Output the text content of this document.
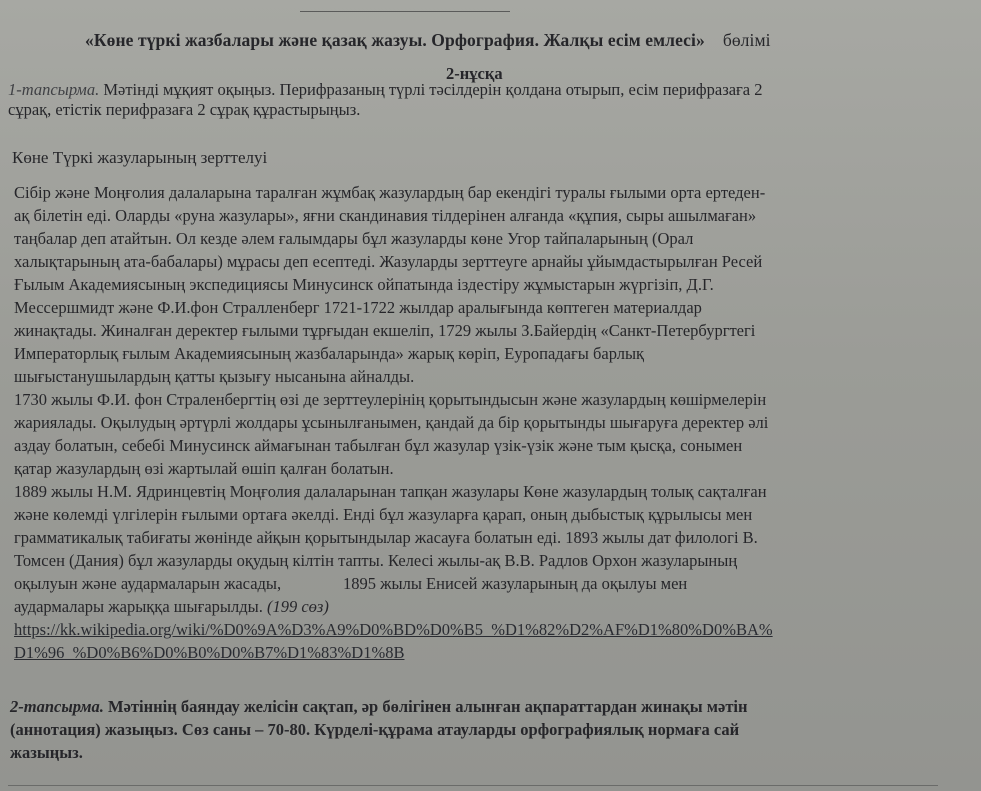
«Көне түркі жазбалары және қазақ жазуы. Орфография. Жалқы есім емлесі» бөлімі
2-нұсқа
1-тапсырма. Мәтінді мұқият оқыңыз. Перифразаның түрлі тәсілдерін қолдана отырып, есім перифразаға 2
сұрақ, етістік перифразаға 2 сұрақ құрастырыңыз.
Көне Түркі жазуларының зерттелуі
Сібір және Моңғолия далаларына таралған жұмбақ жазулардың бар екендігі туралы ғылыми орта ертеден-
ақ білетін еді. Оларды «руна жазулары», яғни скандинавия тілдерінен алғанда «құпия, сыры ашылмаған»
таңбалар деп атайтын. Ол кезде әлем ғалымдары бұл жазуларды көне Угор тайпаларының (Орал
халықтарының ата-бабалары) мұрасы деп есептеді. Жазуларды зерттеуге арнайы ұйымдастырылған Ресей
Ғылым Академиясының экспедициясы Минусинск ойпатында іздестіру жұмыстарын жүргізіп, Д.Г.
Мессершмидт және Ф.И.фон Стралленберг 1721-1722 жылдар аралығында көптеген материалдар
жинақтады. Жиналған деректер ғылыми тұрғыдан екшеліп, 1729 жылы З.Байердің «Санкт-Петербургтегі
Императорлық ғылым Академиясының жазбаларында» жарық көріп, Еуропадағы барлық
шығыстанушылардың қатты қызығу нысанына айналды.
1730 жылы Ф.И. фон Страленбергтің өзі де зерттеулерінің қорытындысын және жазулардың көшірмелерін
жариялады. Оқылудың әртүрлі жолдары ұсынылғанымен, қандай да бір қорытынды шығаруға деректер әлі
аздау болатын, себебі Минусинск аймағынан табылған бұл жазулар үзік-үзік және тым қысқа, сонымен
қатар жазулардың өзі жартылай өшіп қалған болатын.
1889 жылы Н.М. Ядринцевтің Моңғолия далаларынан тапқан жазулары Көне жазулардың толық сақталған
және көлемді үлгілерін ғылыми ортаға әкелді. Енді бұл жазуларға қарап, оның дыбыстық құрылысы мен
грамматикалық табиғаты жөнінде айқын қорытындылар жасауға болатын еді. 1893 жылы дат филологі В.
Томсен (Дания) бұл жазуларды оқудың кілтін тапты. Келесі жылы-ақ В.В. Радлов Орхон жазуларының
оқылуын және аудармаларын жасады,               1895 жылы Енисей жазуларының да оқылуы мен
аудармалары жарыққа шығарылды. (199 сөз)
https://kk.wikipedia.org/wiki/%D0%9A%D3%A9%D0%BD%D0%B5_%D1%82%D2%AF%D1%80%D0%BA%
D1%96_%D0%B6%D0%B0%D0%B7%D1%83%D1%8B
2-тапсырма. Мәтіннің баяндау желісін сақтап, әр бөлігінен алынған ақпараттардан жинақы мәтін
(аннотация) жазыңыз. Сөз саны – 70-80. Күрделі-құрама атауларды орфографиялық нормаға сай
жазыңыз.
